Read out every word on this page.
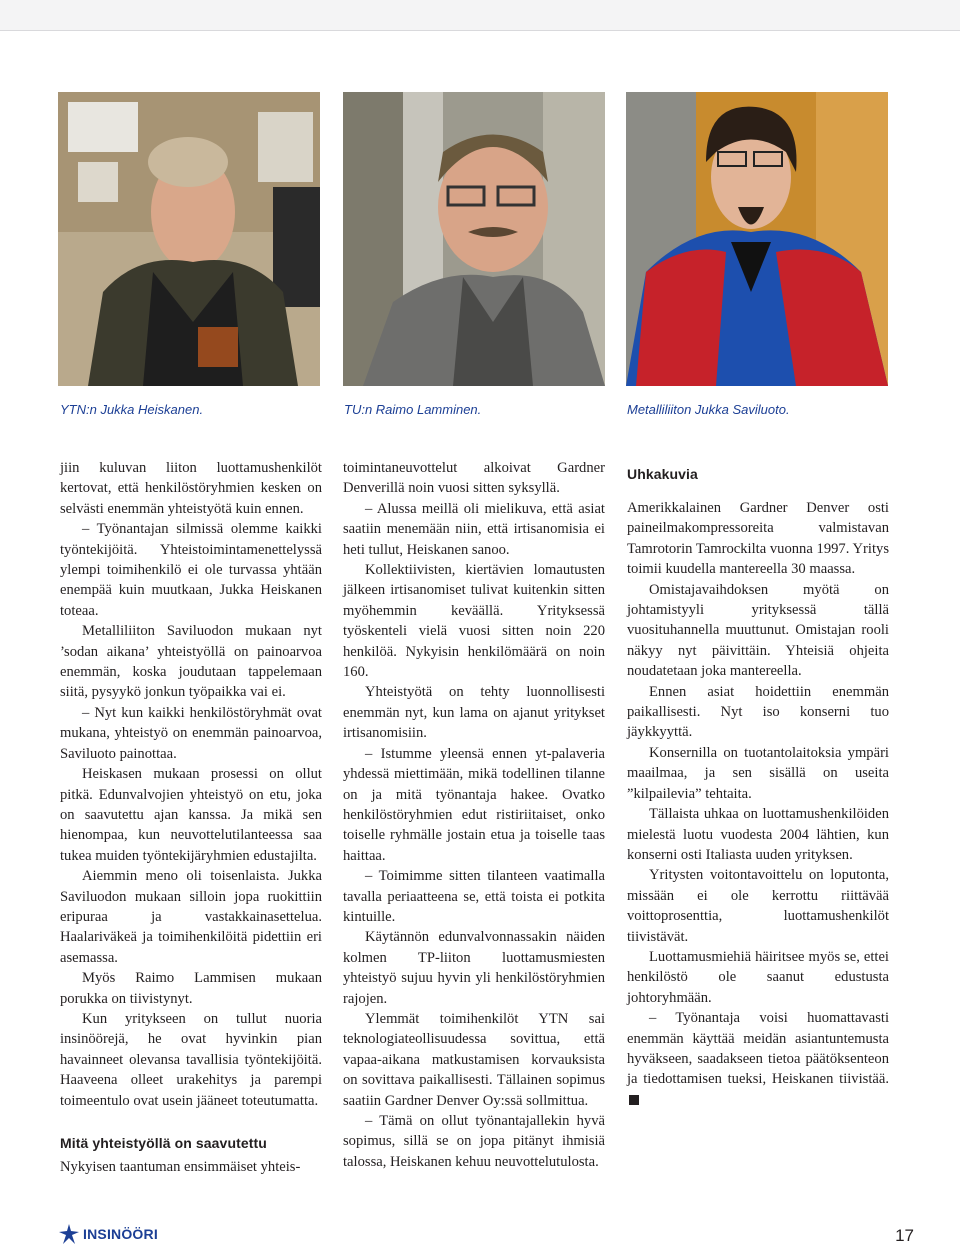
YTN:n Jukka Heiskanen.	TU:n Raimo Lamminen.	Metalliliiton Jukka Saviluoto.

jiin kuluvan liiton luottamushenkilöt kertovat, että henkilöstöryhmien kesken on selvästi enemmän yhteistyötä kuin ennen.

– Työnantajan silmissä olemme kaikki työntekijöitä. Yhteistoimintamenettelyssä ylempi toimihenkilö ei ole turvassa yhtään enempää kuin muutkaan, Jukka Heiskanen toteaa.

Metalliliiton Saviluodon mukaan nyt ’sodan aikana’ yhteistyöllä on painoarvoa enemmän, koska joudutaan tappelemaan siitä, pysyykö jonkun työpaikka vai ei.

– Nyt kun kaikki henkilöstöryhmät ovat mukana, yhteistyö on enemmän painoarvoa, Saviluoto painottaa.

Heiskasen mukaan prosessi on ollut pitkä. Edunvalvojien yhteistyö on etu, joka on saavutettu ajan kanssa. Ja mikä sen hienompaa, kun neuvottelutilanteessa saa tukea muiden työntekijäryhmien edustajilta.

Aiemmin meno oli toisenlaista. Jukka Saviluodon mukaan silloin jopa ruokittiin eripuraa ja vastakkainasettelua. Haalariväkeä ja toimihenkilöitä pidettiin eri asemassa.

Myös Raimo Lammisen mukaan porukka on tiivistynyt.

Kun yritykseen on tullut nuoria insinöörejä, he ovat hyvinkin pian havainneet olevansa tavallisia työntekijöitä. Haaveena olleet urakehitys ja parempi toimeentulo ovat usein jääneet toteutumatta.

Mitä yhteistyöllä on saavutettu

Nykyisen taantuman ensimmäiset yhteis-

toimintaneuvottelut alkoivat Gardner Denverillä noin vuosi sitten syksyllä.

– Alussa meillä oli mielikuva, että asiat saatiin menemään niin, että irtisanomisia ei heti tullut, Heiskanen sanoo.

Kollektiivisten, kiertävien lomautusten jälkeen irtisanomiset tulivat kuitenkin sitten myöhemmin keväällä. Yrityksessä työskenteli vielä vuosi sitten noin 220 henkilöä. Nykyisin henkilömäärä on noin 160.

Yhteistyötä on tehty luonnollisesti enemmän nyt, kun lama on ajanut yritykset irtisanomisiin.

– Istumme yleensä ennen yt-palaveria yhdessä miettimään, mikä todellinen tilanne on ja mitä työnantaja hakee. Ovatko henkilöstöryhmien edut ristiriitaiset, onko toiselle ryhmälle jostain etua ja toiselle taas haittaa.

– Toimimme sitten tilanteen vaatimalla tavalla periaatteena se, että toista ei potkita kintuille.

Käytännön edunvalvonnassakin näiden kolmen TP-liiton luottamusmiesten yhteistyö sujuu hyvin yli henkilöstöryhmien rajojen.

Ylemmät toimihenkilöt YTN sai teknologiateollisuudessa sovittua, että vapaa-aikana matkustamisen korvauksista on sovittava paikallisesti. Tällainen sopimus saatiin Gardner Denver Oy:ssä sollmittua.

– Tämä on ollut työnantajallekin hyvä sopimus, sillä se on jopa pitänyt ihmisiä talossa, Heiskanen kehuu neuvottelutulosta.

Uhkakuvia

Amerikkalainen Gardner Denver osti paineilmakompressoreita valmistavan Tamrotorin Tamrockilta vuonna 1997. Yritys toimii kuudella mantereella 30 maassa.

Omistajavaihdoksen myötä on johtamistyyli yrityksessä tällä vuosituhannella muuttunut. Omistajan rooli näkyy nyt päivittäin. Yhteisiä ohjeita noudatetaan joka mantereella.

Ennen asiat hoidettiin enemmän paikallisesti. Nyt iso konserni tuo jäykkyyttä.

Konsernilla on tuotantolaitoksia ympäri maailmaa, ja sen sisällä on useita ”kilpailevia” tehtaita.

Tällaista uhkaa on luottamushenkilöiden mielestä luotu vuodesta 2004 lähtien, kun konserni osti Italiasta uuden yrityksen.

Yritysten voitontavoittelu on loputonta, missään ei ole kerrottu riittävää voittoprosenttia, luottamushenkilöt tiivistävät.

Luottamusmiehiä häiritsee myös se, ettei henkilöstö ole saanut edustusta johtoryhmään.

– Työnantaja voisi huomattavasti enemmän käyttää meidän asiantuntemusta hyväkseen, saadakseen tietoa päätöksenteon ja tiedottamisen tueksi, Heiskanen tiivistää.

INSINÖÖRI	17
